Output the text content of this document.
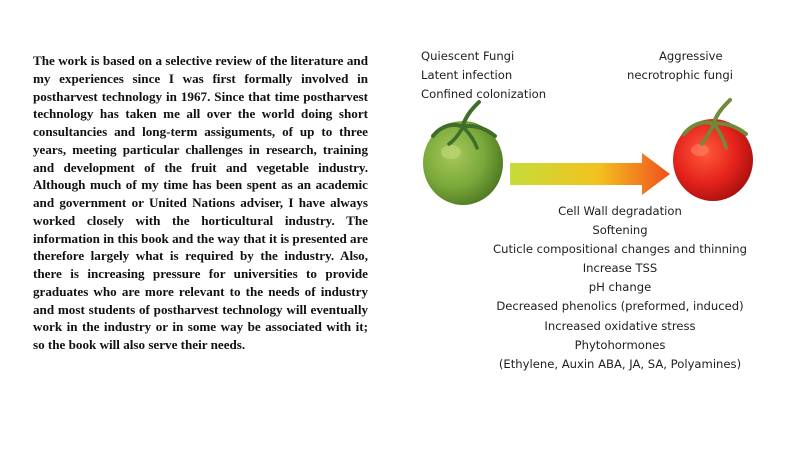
The work is based on a selective review of the literature and my experiences since I was first formally involved in postharvest technology in 1967. Since that time postharvest technology has taken me all over the world doing short consultancies and long-term assiguments, of up to three years, meeting particular challenges in research, training and development of the fruit and vegetable industry. Although much of my time has been spent as an academic and government or United Nations adviser, I have always worked closely with the horticultural industry. The information in this book and the way that it is presented are therefore largely what is required by the industry. Also, there is increasing pressure for universities to provide graduates who are more relevant to the needs of industry and most students of postharvest technology will eventually work in the industry or in some way be associated with it; so the book will also serve their needs.

Quiescent Fungi
Latent infection
Confined colonization
Aggressive
necrotrophic fungi
Cell Wall degradation
Softening
Cuticle compositional changes and thinning
Increase TSS
pH change
Decreased phenolics (preformed, induced)
Increased oxidative stress
Phytohormones
(Ethylene, Auxin ABA, JA, SA, Polyamines)
